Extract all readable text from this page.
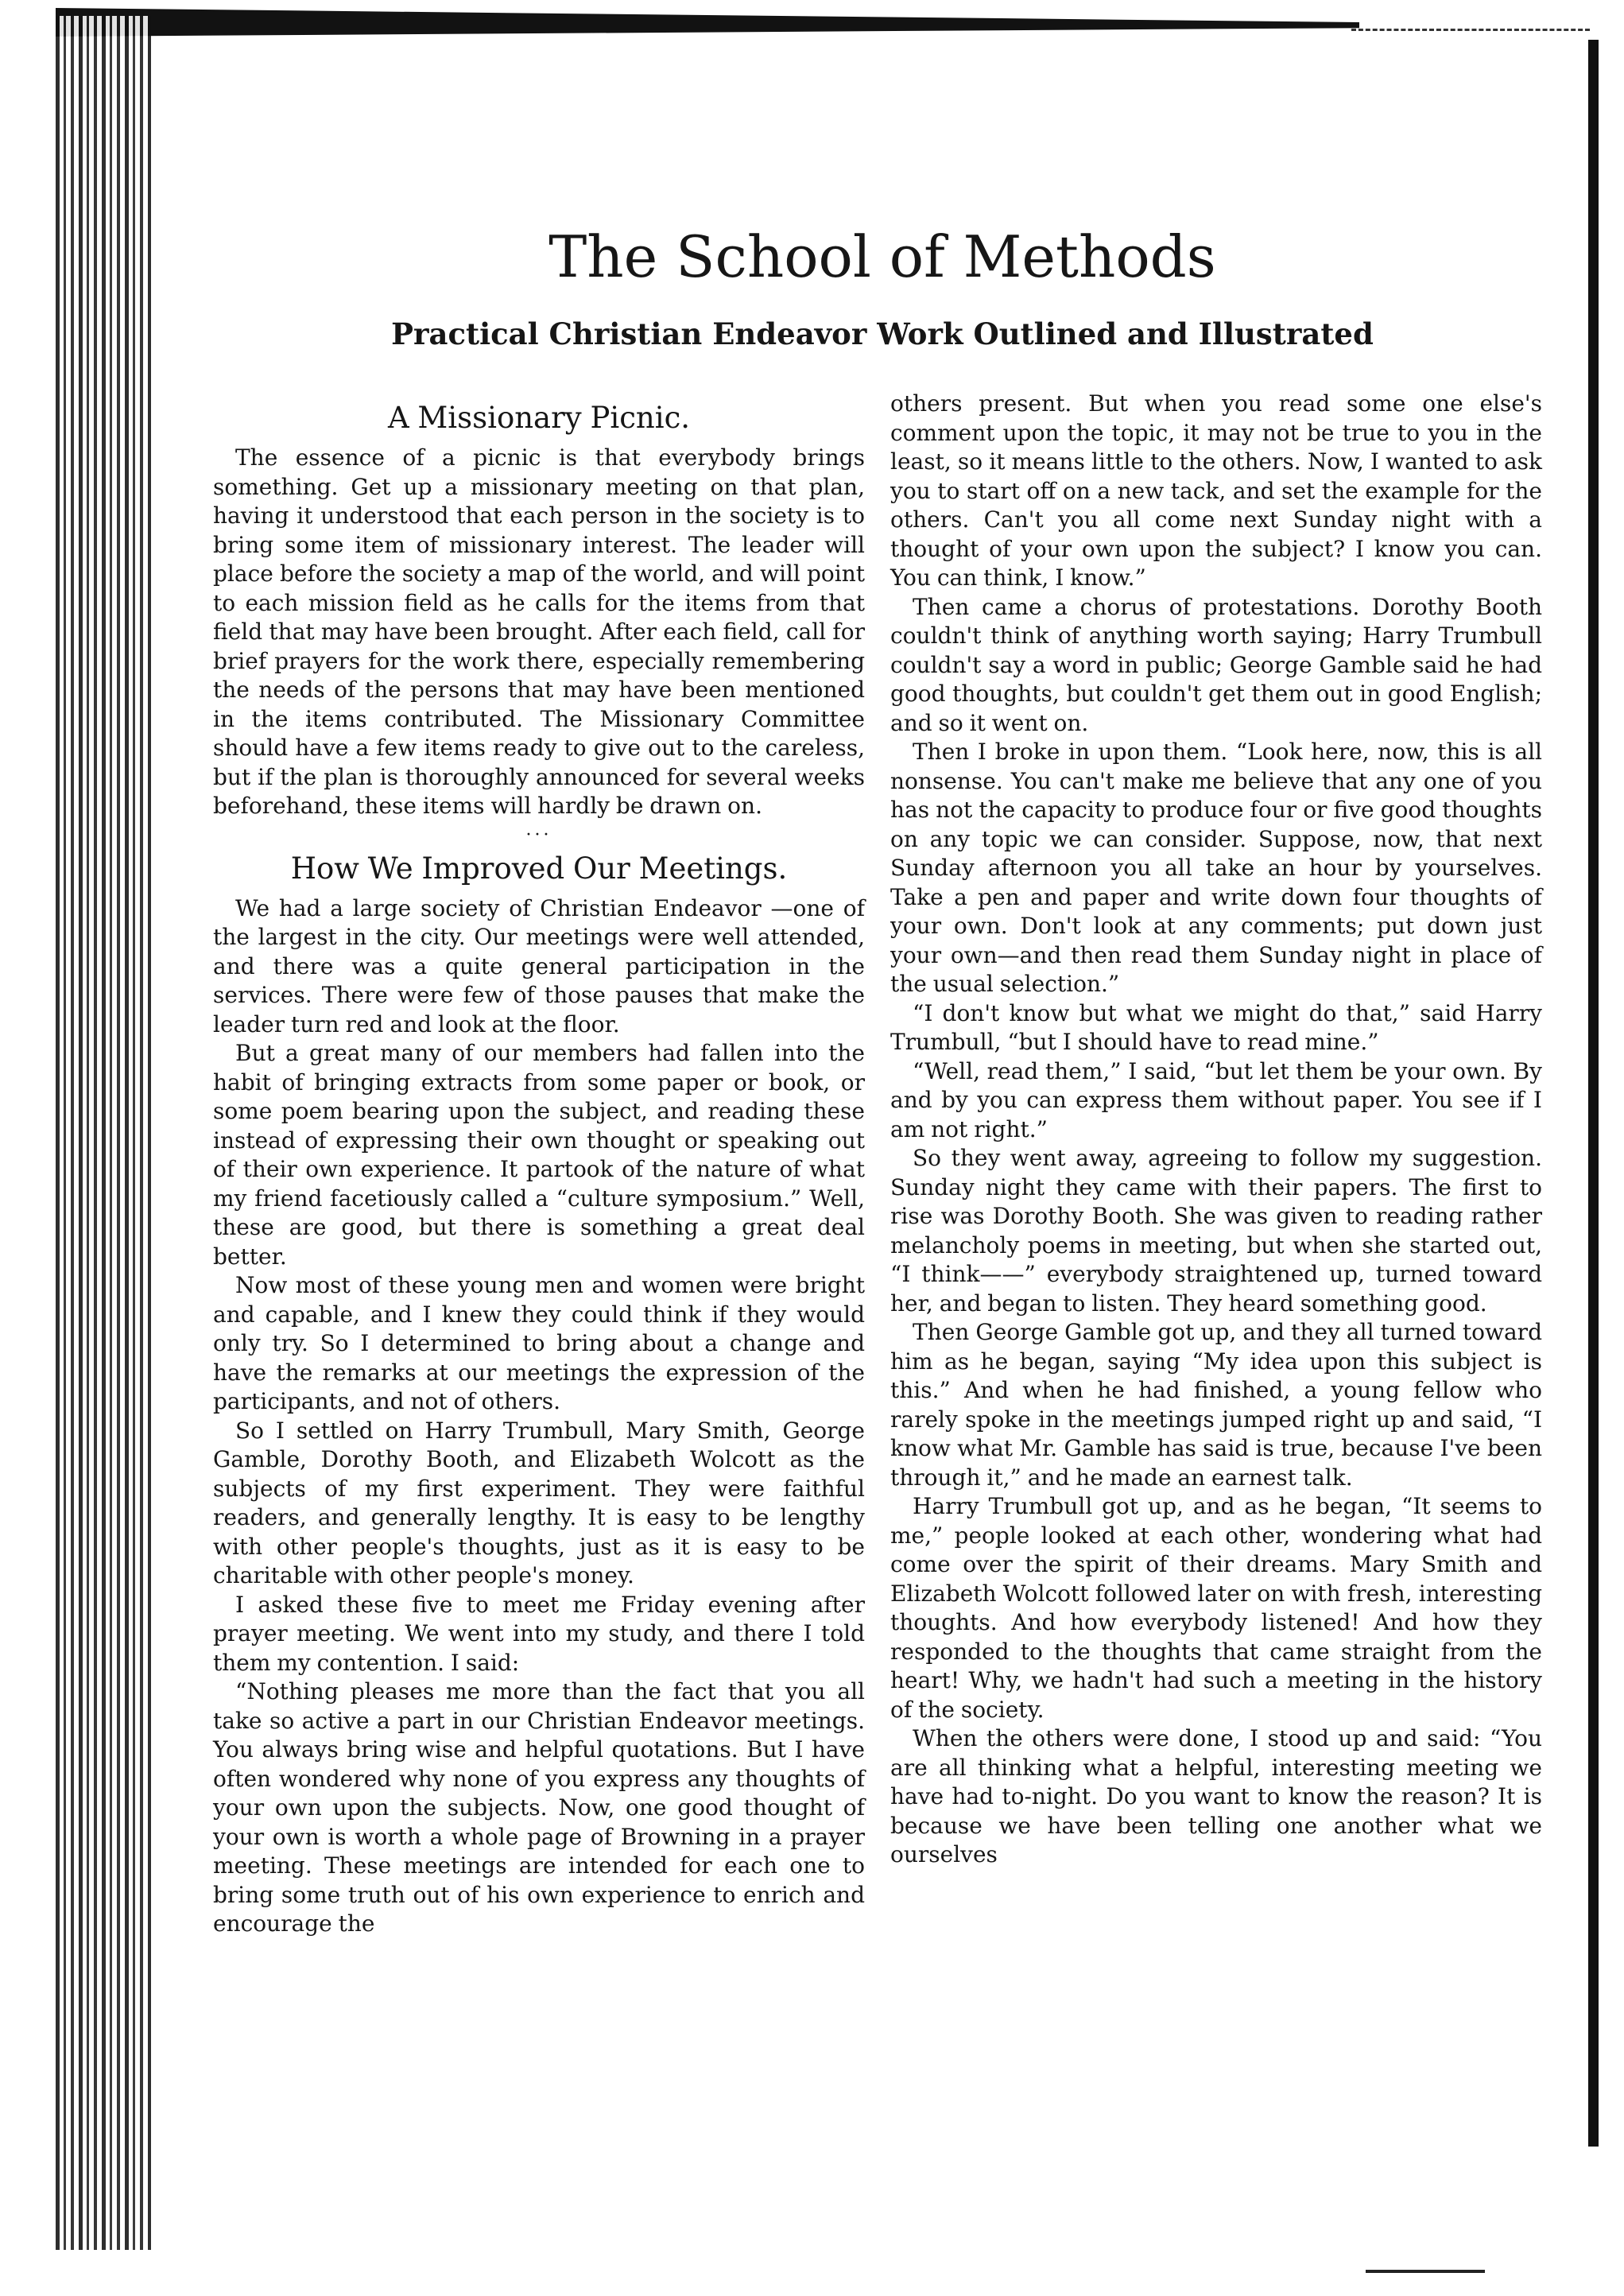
The School of Methods
Practical Christian Endeavor Work Outlined and Illustrated
A Missionary Picnic.

The essence of a picnic is that everybody brings something. Get up a missionary meeting on that plan, having it understood that each person in the society is to bring some item of missionary interest. The leader will place before the society a map of the world, and will point to each mission field as he calls for the items from that field that may have been brought. After each field, call for brief prayers for the work there, especially remembering the needs of the persons that may have been mentioned in the items contributed. The Missionary Committee should have a few items ready to give out to the careless, but if the plan is thoroughly announced for several weeks beforehand, these items will hardly be drawn on.

···
How We Improved Our Meetings.

We had a large society of Christian Endeavor —one of the largest in the city. Our meetings were well attended, and there was a quite general participation in the services. There were few of those pauses that make the leader turn red and look at the floor.

But a great many of our members had fallen into the habit of bringing extracts from some paper or book, or some poem bearing upon the subject, and reading these instead of expressing their own thought or speaking out of their own experience. It partook of the nature of what my friend facetiously called a “culture symposium.” Well, these are good, but there is something a great deal better.

Now most of these young men and women were bright and capable, and I knew they could think if they would only try. So I determined to bring about a change and have the remarks at our meetings the expression of the participants, and not of others.

So I settled on Harry Trumbull, Mary Smith, George Gamble, Dorothy Booth, and Elizabeth Wolcott as the subjects of my first experiment. They were faithful readers, and generally lengthy. It is easy to be lengthy with other people's thoughts, just as it is easy to be charitable with other people's money.

I asked these five to meet me Friday evening after prayer meeting. We went into my study, and there I told them my contention. I said:

“Nothing pleases me more than the fact that you all take so active a part in our Christian Endeavor meetings. You always bring wise and helpful quotations. But I have often wondered why none of you express any thoughts of your own upon the subjects. Now, one good thought of your own is worth a whole page of Browning in a prayer meeting. These meetings are intended for each one to bring some truth out of his own experience to enrich and encourage the

others present. But when you read some one else's comment upon the topic, it may not be true to you in the least, so it means little to the others. Now, I wanted to ask you to start off on a new tack, and set the example for the others. Can't you all come next Sunday night with a thought of your own upon the subject? I know you can. You can think, I know.”

Then came a chorus of protestations. Dorothy Booth couldn't think of anything worth saying; Harry Trumbull couldn't say a word in public; George Gamble said he had good thoughts, but couldn't get them out in good English; and so it went on.

Then I broke in upon them. “Look here, now, this is all nonsense. You can't make me believe that any one of you has not the capacity to produce four or five good thoughts on any topic we can consider. Suppose, now, that next Sunday afternoon you all take an hour by yourselves. Take a pen and paper and write down four thoughts of your own. Don't look at any comments; put down just your own—and then read them Sunday night in place of the usual selection.”

“I don't know but what we might do that,” said Harry Trumbull, “but I should have to read mine.”

“Well, read them,” I said, “but let them be your own. By and by you can express them without paper. You see if I am not right.”

So they went away, agreeing to follow my suggestion. Sunday night they came with their papers. The first to rise was Dorothy Booth. She was given to reading rather melancholy poems in meeting, but when she started out, “I think——” everybody straightened up, turned toward her, and began to listen. They heard something good.

Then George Gamble got up, and they all turned toward him as he began, saying “My idea upon this subject is this.” And when he had finished, a young fellow who rarely spoke in the meetings jumped right up and said, “I know what Mr. Gamble has said is true, because I've been through it,” and he made an earnest talk.

Harry Trumbull got up, and as he began, “It seems to me,” people looked at each other, wondering what had come over the spirit of their dreams. Mary Smith and Elizabeth Wolcott followed later on with fresh, interesting thoughts. And how everybody listened! And how they responded to the thoughts that came straight from the heart! Why, we hadn't had such a meeting in the history of the society.

When the others were done, I stood up and said: “You are all thinking what a helpful, interesting meeting we have had to-night. Do you want to know the reason? It is because we have been telling one another what we ourselves
